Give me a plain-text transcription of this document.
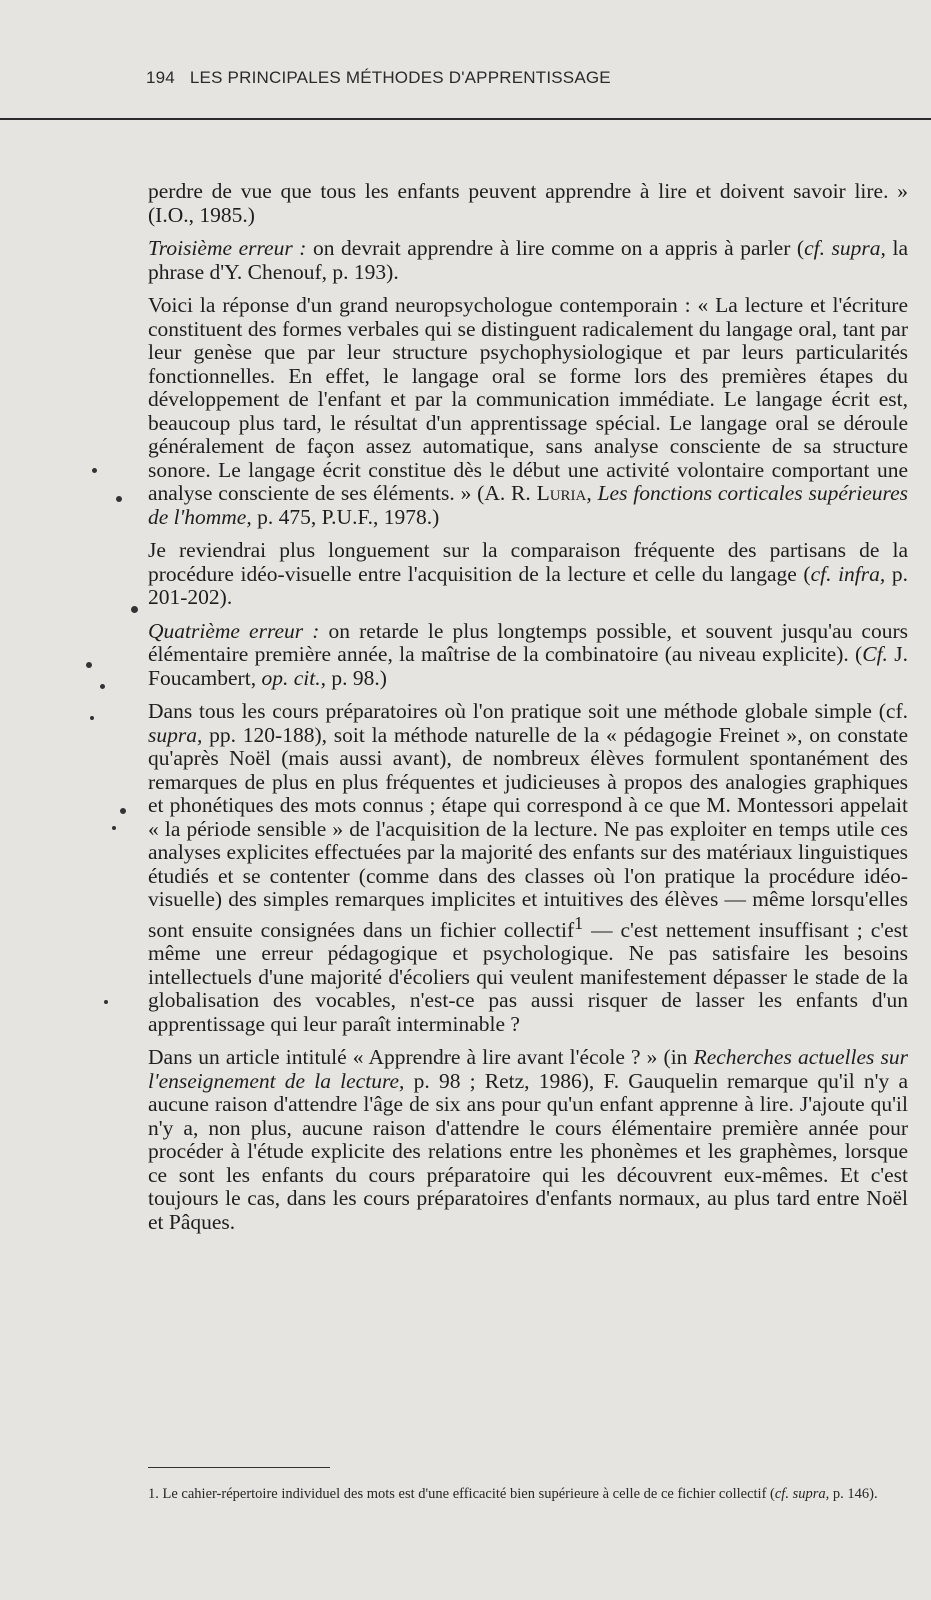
194 LES PRINCIPALES MÉTHODES D'APPRENTISSAGE

perdre de vue que tous les enfants peuvent apprendre à lire et doivent savoir lire. » (I.O., 1985.)

Troisième erreur : on devrait apprendre à lire comme on a appris à parler (cf. supra, la phrase d'Y. Chenouf, p. 193).

Voici la réponse d'un grand neuropsychologue contemporain : « La lecture et l'écriture constituent des formes verbales qui se distinguent radicalement du langage oral, tant par leur genèse que par leur structure psychophysiologique et par leurs particularités fonctionnelles. En effet, le langage oral se forme lors des premières étapes du développement de l'enfant et par la communication immédiate. Le langage écrit est, beaucoup plus tard, le résultat d'un apprentissage spécial. Le langage oral se déroule généralement de façon assez automatique, sans analyse consciente de sa structure sonore. Le langage écrit constitue dès le début une activité volontaire comportant une analyse consciente de ses éléments. » (A. R. Luria, Les fonctions corticales supérieures de l'homme, p. 475, P.U.F., 1978.)

Je reviendrai plus longuement sur la comparaison fréquente des partisans de la procédure idéo-visuelle entre l'acquisition de la lecture et celle du langage (cf. infra, p. 201-202).

Quatrième erreur : on retarde le plus longtemps possible, et souvent jusqu'au cours élémentaire première année, la maîtrise de la combinatoire (au niveau explicite). (Cf. J. Foucambert, op. cit., p. 98.)

Dans tous les cours préparatoires où l'on pratique soit une méthode globale simple (cf. supra, pp. 120-188), soit la méthode naturelle de la « pédagogie Freinet », on constate qu'après Noël (mais aussi avant), de nombreux élèves formulent spontanément des remarques de plus en plus fréquentes et judicieuses à propos des analogies graphiques et phonétiques des mots connus ; étape qui correspond à ce que M. Montessori appelait « la période sensible » de l'acquisition de la lecture. Ne pas exploiter en temps utile ces analyses explicites effectuées par la majorité des enfants sur des matériaux linguistiques étudiés et se contenter (comme dans des classes où l'on pratique la procédure idéo-visuelle) des simples remarques implicites et intuitives des élèves — même lorsqu'elles sont ensuite consignées dans un fichier collectif$^1$ — c'est nettement insuffisant ; c'est même une erreur pédagogique et psychologique. Ne pas satisfaire les besoins intellectuels d'une majorité d'écoliers qui veulent manifestement dépasser le stade de la globalisation des vocables, n'est-ce pas aussi risquer de lasser les enfants d'un apprentissage qui leur paraît interminable ?

Dans un article intitulé « Apprendre à lire avant l'école ? » (in Recherches actuelles sur l'enseignement de la lecture, p. 98 ; Retz, 1986), F. Gauquelin remarque qu'il n'y a aucune raison d'attendre l'âge de six ans pour qu'un enfant apprenne à lire. J'ajoute qu'il n'y a, non plus, aucune raison d'attendre le cours élémentaire première année pour procéder à l'étude explicite des relations entre les phonèmes et les graphèmes, lorsque ce sont les enfants du cours préparatoire qui les découvrent eux-mêmes. Et c'est toujours le cas, dans les cours préparatoires d'enfants normaux, au plus tard entre Noël et Pâques.

1. Le cahier-répertoire individuel des mots est d'une efficacité bien supérieure à celle de ce fichier collectif (cf. supra, p. 146).
